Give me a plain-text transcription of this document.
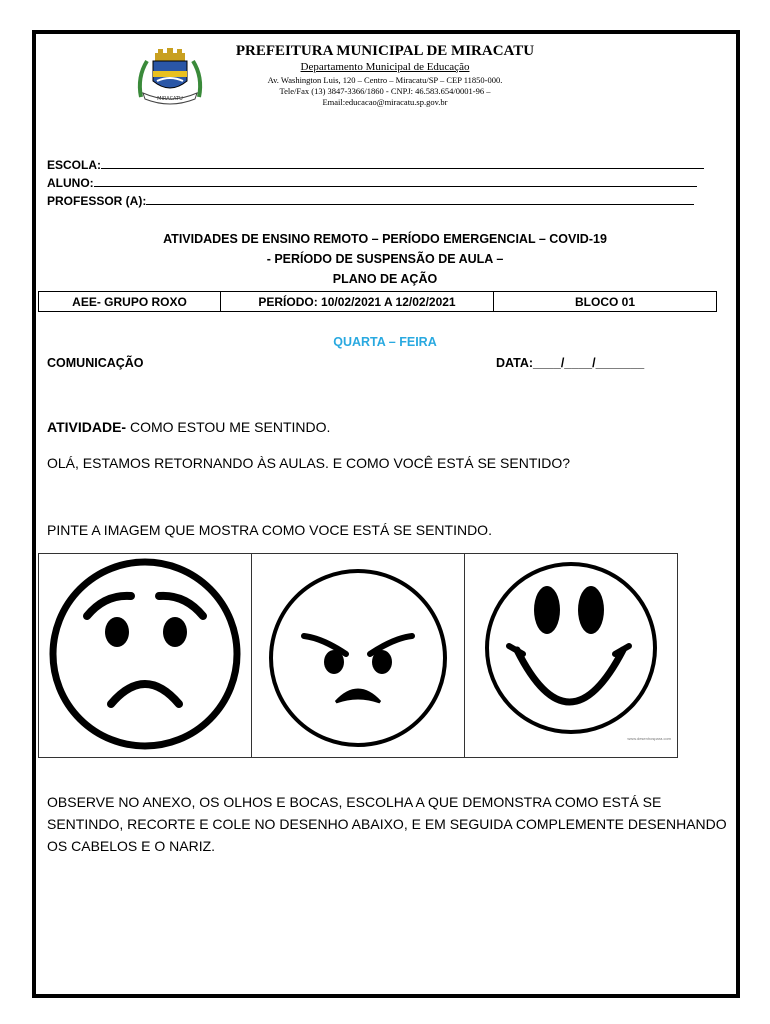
MIRACATU
PREFEITURA MUNICIPAL DE MIRACATU
Departamento Municipal de Educação
Av. Washington Luis, 120 – Centro – Miracatu/SP – CEP 11850-000.
Tele/Fax (13) 3847-3366/1860 - CNPJ: 46.583.654/0001-96 –
Email:educacao@miracatu.sp.gov.br
ESCOLA:
ALUNO:
PROFESSOR (A):
ATIVIDADES DE ENSINO REMOTO – PERÍODO EMERGENCIAL – COVID-19
- PERÍODO DE SUSPENSÃO DE AULA –
PLANO DE AÇÃO
AEE- GRUPO ROXO	PERÍODO: 10/02/2021 A 12/02/2021	BLOCO 01
QUARTA – FEIRA
COMUNICAÇÃO	DATA:____/____/_______
ATIVIDADE- COMO ESTOU ME SENTINDO.
OLÁ, ESTAMOS RETORNANDO ÀS AULAS. E COMO VOCÊ ESTÁ SE SENTIDO?
PINTE A IMAGEM QUE MOSTRA COMO VOCE ESTÁ SE SENTINDO.
www.desenhospara.com
OBSERVE NO ANEXO, OS OLHOS E BOCAS, ESCOLHA A QUE DEMONSTRA COMO ESTÁ SE SENTINDO, RECORTE E COLE NO DESENHO ABAIXO, E EM SEGUIDA COMPLEMENTE DESENHANDO OS CABELOS E O NARIZ.
